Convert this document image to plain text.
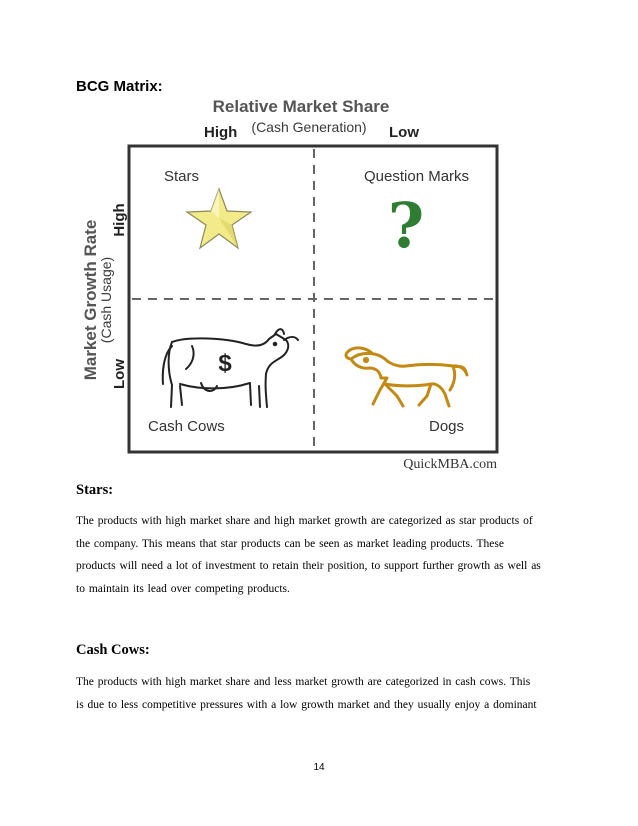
BCG Matrix:
Relative Market Share
High (Cash Generation) Low
Market Growth Rate
(Cash Usage)
High
Low
Stars	Question Marks
Cash Cows	Dogs
?
$
QuickMBA.com
Stars:

The products with high market share and high market growth are categorized as star products of

the company. This means that star products can be seen as market leading products. These

products will need a lot of investment to retain their position, to support further growth as well as

to maintain its lead over competing products.

Cash Cows:

The products with high market share and less market growth are categorized in cash cows. This

is due to less competitive pressures with a low growth market and they usually enjoy a dominant

14
